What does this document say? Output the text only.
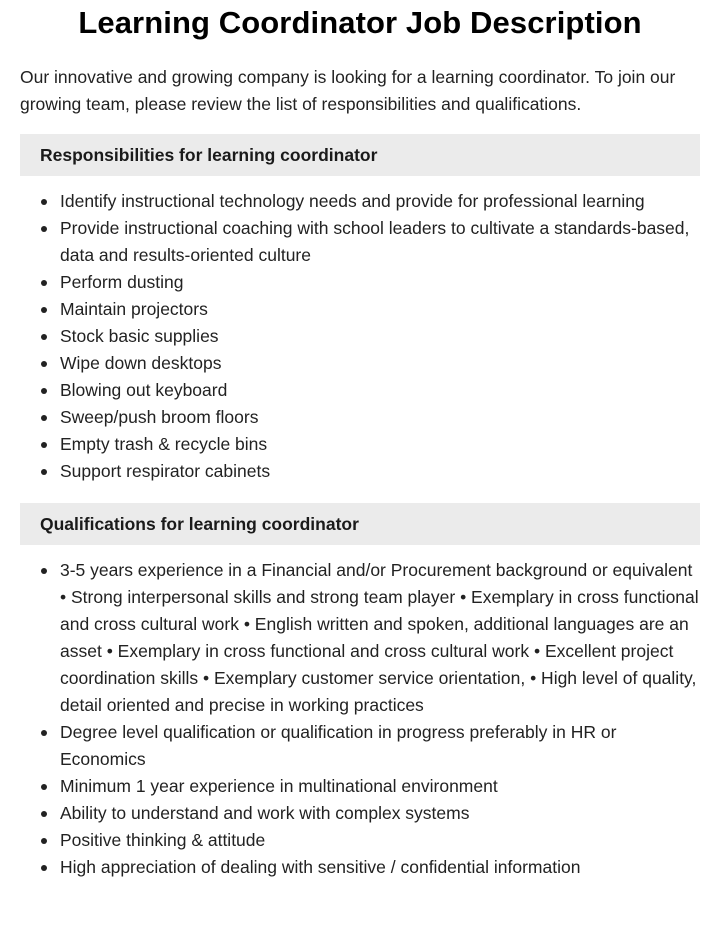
Learning Coordinator Job Description

Our innovative and growing company is looking for a learning coordinator. To join our growing team, please review the list of responsibilities and qualifications.

Responsibilities for learning coordinator
Identify instructional technology needs and provide for professional learning
Provide instructional coaching with school leaders to cultivate a standards-based, data and results-oriented culture
Perform dusting
Maintain projectors
Stock basic supplies
Wipe down desktops
Blowing out keyboard
Sweep/push broom floors
Empty trash & recycle bins
Support respirator cabinets
Qualifications for learning coordinator
3-5 years experience in a Financial and/or Procurement background or equivalent • Strong interpersonal skills and strong team player • Exemplary in cross functional and cross cultural work • English written and spoken, additional languages are an asset • Exemplary in cross functional and cross cultural work • Excellent project coordination skills • Exemplary customer service orientation, • High level of quality, detail oriented and precise in working practices
Degree level qualification or qualification in progress preferably in HR or Economics
Minimum 1 year experience in multinational environment
Ability to understand and work with complex systems
Positive thinking & attitude
High appreciation of dealing with sensitive / confidential information
